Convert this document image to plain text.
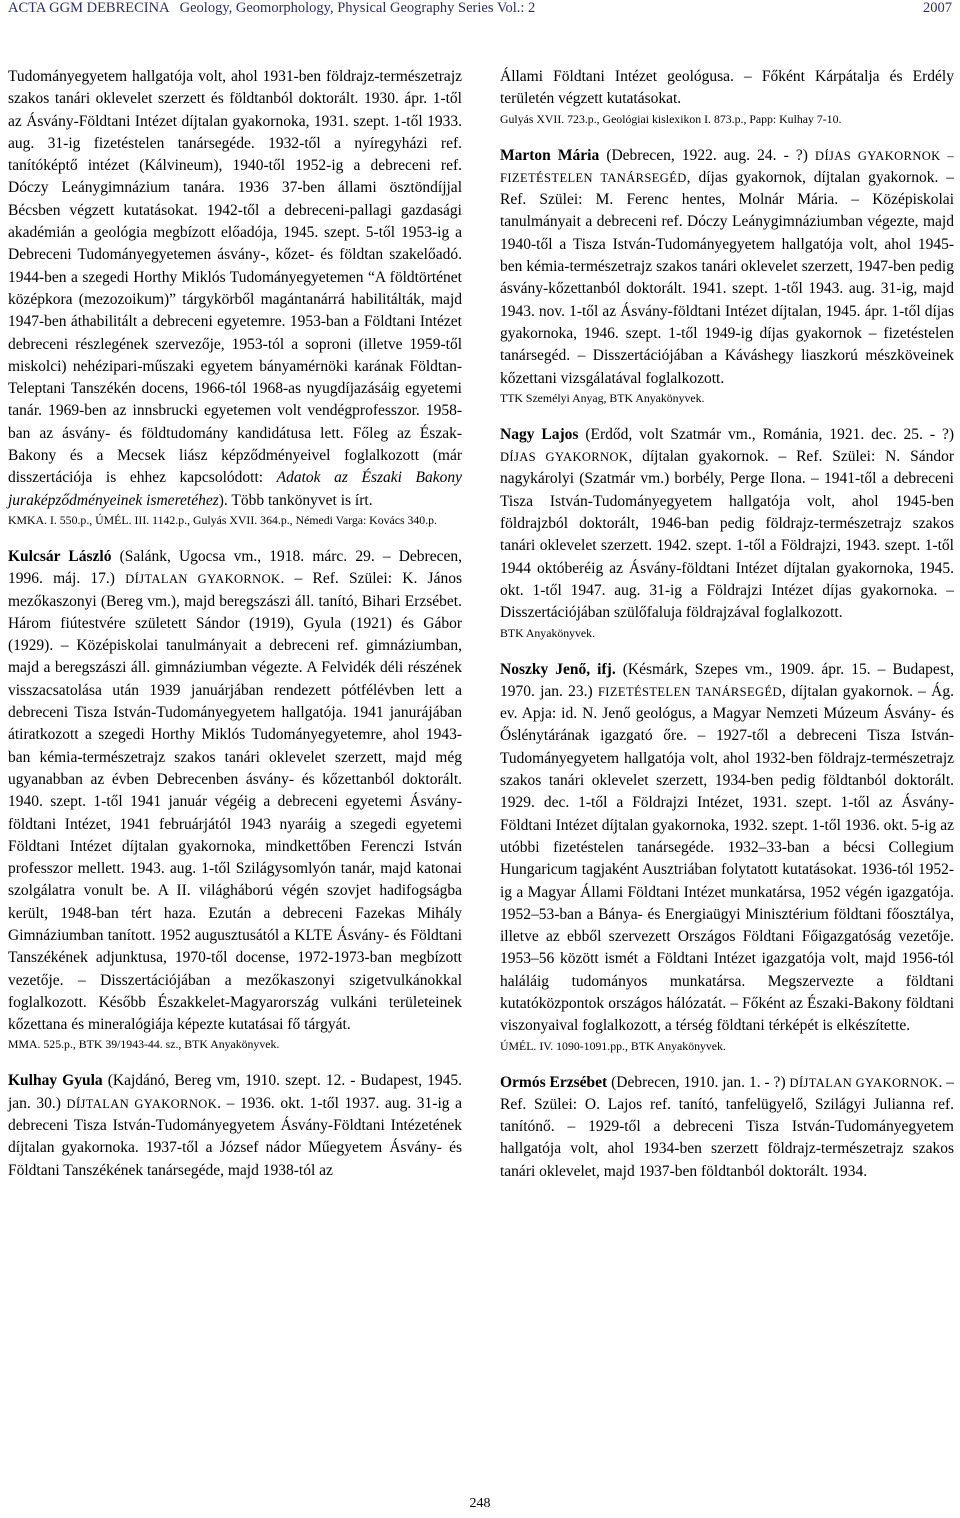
ACTA GGM DEBRECINA   Geology, Geomorphology, Physical Geography Series Vol.: 2	2007

Tudományegyetem hallgatója volt, ahol 1931-ben földrajz-természetrajz szakos tanári oklevelet szerzett és földtanból doktorált. 1930. ápr. 1-től az Ásvány-Földtani Intézet díjtalan gyakornoka, 1931. szept. 1-től 1933. aug. 31-ig fizetéstelen tanársegéde. 1932-től a nyíregyházi ref. tanítóképtő intézet (Kálvineum), 1940-től 1952-ig a debreceni ref. Dóczy Leánygimnázium tanára. 1936 37-ben állami ösztöndíjjal Bécsben végzett kutatásokat. 1942-től a debreceni-pallagi gazdasági akadémián a geológia megbízott előadója, 1945. szept. 5-től 1953-ig a Debreceni Tudományegyetemen ásvány-, kőzet- és földtan szakelőadó. 1944-ben a szegedi Horthy Miklós Tudományegyetemen “A földtörténet középkora (mezozoikum)” tárgykörből magántanárrá habilitálták, majd 1947-ben áthabilitált a debreceni egyetemre. 1953-ban a Földtani Intézet debreceni részlegének szervezője, 1953-tól a soproni (illetve 1959-től miskolci) nehézipari-műszaki egyetem bányamérnöki karának Földtan-Teleptani Tanszékén docens, 1966-tól 1968-as nyugdíjazásáig egyetemi tanár. 1969-ben az innsbrucki egyetemen volt vendégprofesszor. 1958-ban az ásvány- és földtudomány kandidátusa lett. Főleg az Észak-Bakony és a Mecsek liász képződményeivel foglalkozott (már disszertációja is ehhez kapcsolódott: Adatok az Északi Bakony juraképződményeinek ismeretéhez). Több tankönyvet is írt.

KMKA. I. 550.p., ÚMÉL. III. 1142.p., Gulyás XVII. 364.p., Némedi Varga: Kovács 340.p.

Kulcsár László (Salánk, Ugocsa vm., 1918. márc. 29. – Debrecen, 1996. máj. 17.) DÍJTALAN GYAKORNOK. – Ref. Szülei: K. János mezőkaszonyi (Bereg vm.), majd beregszászi áll. tanító, Bihari Erzsébet. Három fiútestvére született Sándor (1919), Gyula (1921) és Gábor (1929). – Középiskolai tanulmányait a debreceni ref. gimnáziumban, majd a beregszászi áll. gimnáziumban végezte. A Felvidék déli részének visszacsatolása után 1939 januárjában rendezett pótfélévben lett a debreceni Tisza István-Tudományegyetem hallgatója. 1941 janurájában átiratkozott a szegedi Horthy Miklós Tudományegyetemre, ahol 1943-ban kémia-természetrajz szakos tanári oklevelet szerzett, majd még ugyanabban az évben Debrecenben ásvány- és kőzettanból doktorált. 1940. szept. 1-től 1941 január végéig a debreceni egyetemi Ásvány-földtani Intézet, 1941 februárjától 1943 nyaráig a szegedi egyetemi Földtani Intézet díjtalan gyakornoka, mindkettőben Ferenczi István professzor mellett. 1943. aug. 1-től Szilágysomlyón tanár, majd katonai szolgálatra vonult be. A II. világháború végén szovjet hadifogságba került, 1948-ban tért haza. Ezután a debreceni Fazekas Mihály Gimnáziumban tanított. 1952 augusztusától a KLTE Ásvány- és Földtani Tanszékének adjunktusa, 1970-től docense, 1972-1973-ban megbízott vezetője. – Disszertációjában a mezőkaszonyi szigetvulkánokkal foglalkozott. Később Északkelet-Magyarország vulkáni területeinek kőzettana és mineralógiája képezte kutatásai fő tárgyát.

MMA. 525.p., BTK 39/1943-44. sz., BTK Anyakönyvek.

Kulhay Gyula (Kajdánó, Bereg vm, 1910. szept. 12. - Budapest, 1945. jan. 30.) DÍJTALAN GYAKORNOK. – 1936. okt. 1-től 1937. aug. 31-ig a debreceni Tisza István-Tudományegyetem Ásvány-Földtani Intézetének díjtalan gyakornoka. 1937-től a József nádor Műegyetem Ásvány- és Földtani Tanszékének tanársegéde, majd 1938-tól az

Állami Földtani Intézet geológusa. – Főként Kárpátalja és Erdély területén végzett kutatásokat.

Gulyás XVII. 723.p., Geológiai kislexikon I. 873.p., Papp: Kulhay 7-10.

Marton Mária (Debrecen, 1922. aug. 24. - ?) DÍJAS GYAKORNOK – FIZETÉSTELEN TANÁRSEGÉD, díjas gyakornok, díjtalan gyakornok. – Ref. Szülei: M. Ferenc hentes, Molnár Mária. – Középiskolai tanulmányait a debreceni ref. Dóczy Leánygimnáziumban végezte, majd 1940-től a Tisza István-Tudományegyetem hallgatója volt, ahol 1945-ben kémia-természetrajz szakos tanári oklevelet szerzett, 1947-ben pedig ásvány-kőzettanból doktorált. 1941. szept. 1-től 1943. aug. 31-ig, majd 1943. nov. 1-től az Ásvány-földtani Intézet díjtalan, 1945. ápr. 1-től díjas gyakornoka, 1946. szept. 1-től 1949-ig díjas gyakornok – fizetéstelen tanársegéd. – Disszertációjában a Káváshegy liaszkorú mészköveinek kőzettani vizsgálatával foglalkozott.

TTK Személyi Anyag, BTK Anyakönyvek.

Nagy Lajos (Erdőd, volt Szatmár vm., Románia, 1921. dec. 25. - ?) DÍJAS GYAKORNOK, díjtalan gyakornok. – Ref. Szülei: N. Sándor nagykárolyi (Szatmár vm.) borbély, Perge Ilona. – 1941-től a debreceni Tisza István-Tudományegyetem hallgatója volt, ahol 1945-ben földrajzból doktorált, 1946-ban pedig földrajz-természetrajz szakos tanári oklevelet szerzett. 1942. szept. 1-től a Földrajzi, 1943. szept. 1-től 1944 októberéig az Ásvány-földtani Intézet díjtalan gyakornoka, 1945. okt. 1-től 1947. aug. 31-ig a Földrajzi Intézet díjas gyakornoka. – Disszertációjában szülőfaluja földrajzával foglalkozott.

BTK Anyakönyvek.

Noszky Jenő, ifj. (Késmárk, Szepes vm., 1909. ápr. 15. – Budapest, 1970. jan. 23.) FIZETÉSTELEN TANÁRSEGÉD, díjtalan gyakornok. – Ág. ev. Apja: id. N. Jenő geológus, a Magyar Nemzeti Múzeum Ásvány- és Őslénytárának igazgató őre. – 1927-től a debreceni Tisza István-Tudományegyetem hallgatója volt, ahol 1932-ben földrajz-természetrajz szakos tanári oklevelet szerzett, 1934-ben pedig földtanból doktorált. 1929. dec. 1-től a Földrajzi Intézet, 1931. szept. 1-től az Ásvány-Földtani Intézet díjtalan gyakornoka, 1932. szept. 1-től 1936. okt. 5-ig az utóbbi fizetéstelen tanársegéde. 1932–33-ban a bécsi Collegium Hungaricum tagjaként Ausztriában folytatott kutatásokat. 1936-tól 1952-ig a Magyar Állami Földtani Intézet munkatársa, 1952 végén igazgatója. 1952–53-ban a Bánya- és Energiaügyi Minisztérium földtani főosztálya, illetve az ebből szervezett Országos Földtani Főigazgatóság vezetője. 1953–56 között ismét a Földtani Intézet igazgatója volt, majd 1956-tól haláláig tudományos munkatársa. Megszervezte a földtani kutatóközpontok országos hálózatát. – Főként az Északi-Bakony földtani viszonyaival foglalkozott, a térség földtani térképét is elkészítette.

ÚMÉL. IV. 1090-1091.pp., BTK Anyakönyvek.

Ormós Erzsébet (Debrecen, 1910. jan. 1. - ?) DÍJTALAN GYAKORNOK. – Ref. Szülei: O. Lajos ref. tanító, tanfelügyelő, Szilágyi Julianna ref. tanítónő. – 1929-től a debreceni Tisza István-Tudományegyetem hallgatója volt, ahol 1934-ben szerzett földrajz-természetrajz szakos tanári oklevelet, majd 1937-ben földtanból doktorált. 1934.

248
